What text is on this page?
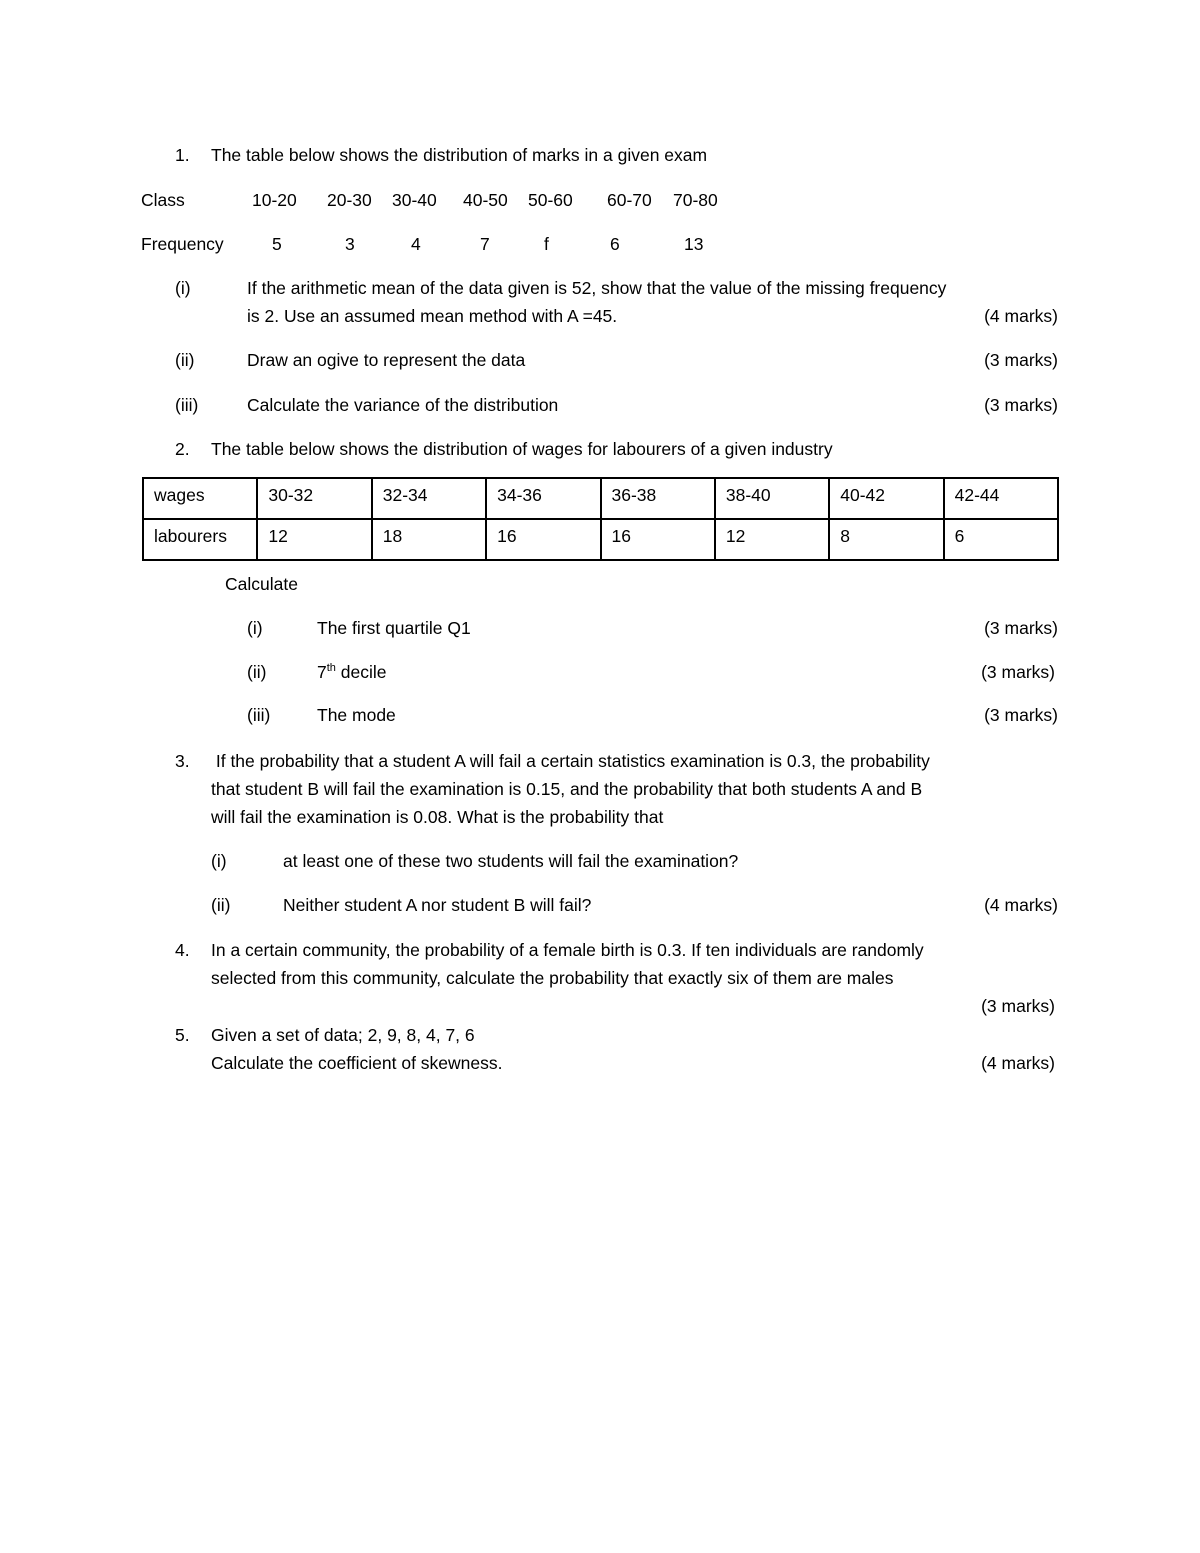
1. The table below shows the distribution of marks in a given exam
Class	10-20 20-30 30-40 40-50 50-60 60-70 70-80
Frequency	5	3	4	7	f	6	13
(i)	If the arithmetic mean of the data given is 52, show that the value of the missing frequency
is 2. Use an assumed mean method with A =45.	(4 marks)
(ii)	Draw an ogive to represent the data	(3 marks)
(iii)	Calculate the variance of the distribution	(3 marks)
2. The table below shows the distribution of wages for labourers of a given industry
wages	30-32	32-34	34-36	36-38	38-40	40-42	42-44
labourers	12	18	16	16	12	8	6
Calculate
(i)	The first quartile Q1	(3 marks)
(ii)	7th decile	(3 marks)
(iii)	The mode	(3 marks)
3. If the probability that a student A will fail a certain statistics examination is 0.3, the probability
that student B will fail the examination is 0.15, and the probability that both students A and B
will fail the examination is 0.08. What is the probability that
(i)	at least one of these two students will fail the examination?
(ii)	Neither student A nor student B will fail?	(4 marks)
4. In a certain community, the probability of a female birth is 0.3. If ten individuals are randomly
selected from this community, calculate the probability that exactly six of them are males
(3 marks)
5. Given a set of data; 2, 9, 8, 4, 7, 6
Calculate the coefficient of skewness.	(4 marks)
